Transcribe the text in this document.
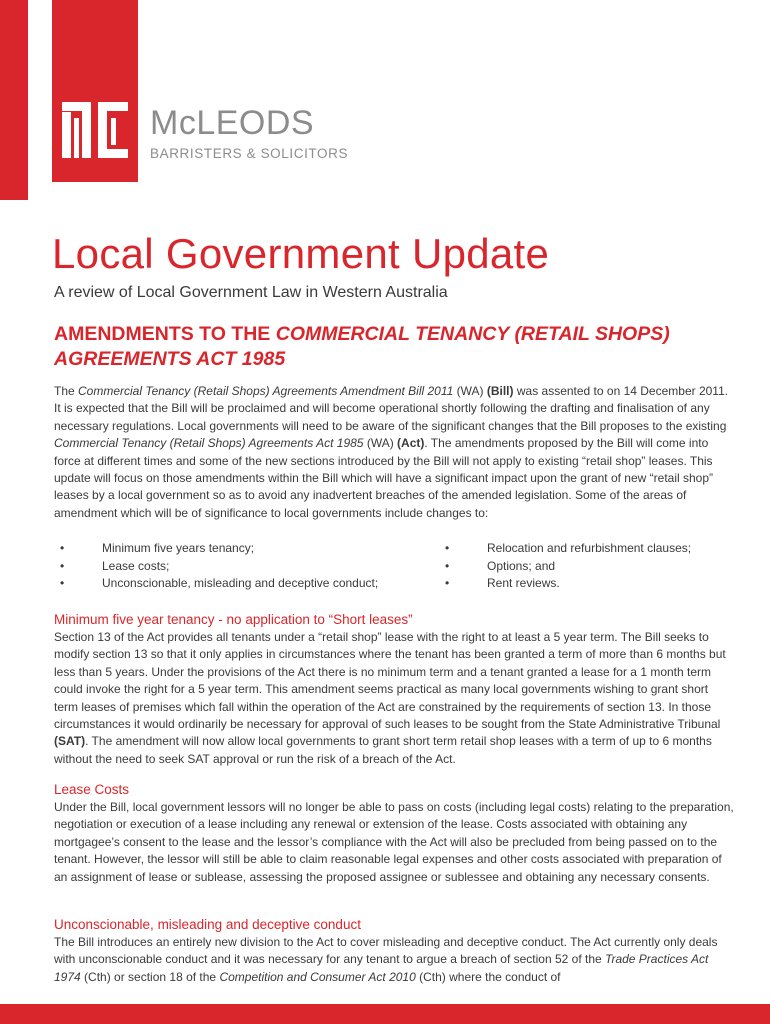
McLEODS
BARRISTERS & SOLICITORS
Local Government Update

A review of Local Government Law in Western Australia

AMENDMENTS TO THE COMMERCIAL TENANCY (RETAIL SHOPS) AGREEMENTS ACT 1985

The Commercial Tenancy (Retail Shops) Agreements Amendment Bill 2011 (WA) (Bill) was assented to on 14 December 2011. It is expected that the Bill will be proclaimed and will become operational shortly following the drafting and finalisation of any necessary regulations. Local governments will need to be aware of the significant changes that the Bill proposes to the existing Commercial Tenancy (Retail Shops) Agreements Act 1985 (WA) (Act). The amendments proposed by the Bill will come into force at different times and some of the new sections introduced by the Bill will not apply to existing “retail shop” leases. This update will focus on those amendments within the Bill which will have a significant impact upon the grant of new “retail shop” leases by a local government so as to avoid any inadvertent breaches of the amended legislation. Some of the areas of amendment which will be of significance to local governments include changes to:

•	Minimum five years tenancy;
•	Lease costs;
•	Unconscionable, misleading and deceptive conduct;
•	Relocation and refurbishment clauses;
•	Options; and
•	Rent reviews.
Minimum five year tenancy - no application to “Short leases”

Section 13 of the Act provides all tenants under a “retail shop” lease with the right to at least a 5 year term. The Bill seeks to modify section 13 so that it only applies in circumstances where the tenant has been granted a term of more than 6 months but less than 5 years. Under the provisions of the Act there is no minimum term and a tenant granted a lease for a 1 month term could invoke the right for a 5 year term. This amendment seems practical as many local governments wishing to grant short term leases of premises which fall within the operation of the Act are constrained by the requirements of section 13. In those circumstances it would ordinarily be necessary for approval of such leases to be sought from the State Administrative Tribunal (SAT). The amendment will now allow local governments to grant short term retail shop leases with a term of up to 6 months without the need to seek SAT approval or run the risk of a breach of the Act.

Lease Costs

Under the Bill, local government lessors will no longer be able to pass on costs (including legal costs) relating to the preparation, negotiation or execution of a lease including any renewal or extension of the lease. Costs associated with obtaining any mortgagee’s consent to the lease and the lessor’s compliance with the Act will also be precluded from being passed on to the tenant. However, the lessor will still be able to claim reasonable legal expenses and other costs associated with preparation of an assignment of lease or sublease, assessing the proposed assignee or sublessee and obtaining any necessary consents.

Unconscionable, misleading and deceptive conduct

The Bill introduces an entirely new division to the Act to cover misleading and deceptive conduct. The Act currently only deals with unconscionable conduct and it was necessary for any tenant to argue a breach of section 52 of the Trade Practices Act 1974 (Cth) or section 18 of the Competition and Consumer Act 2010 (Cth) where the conduct of
